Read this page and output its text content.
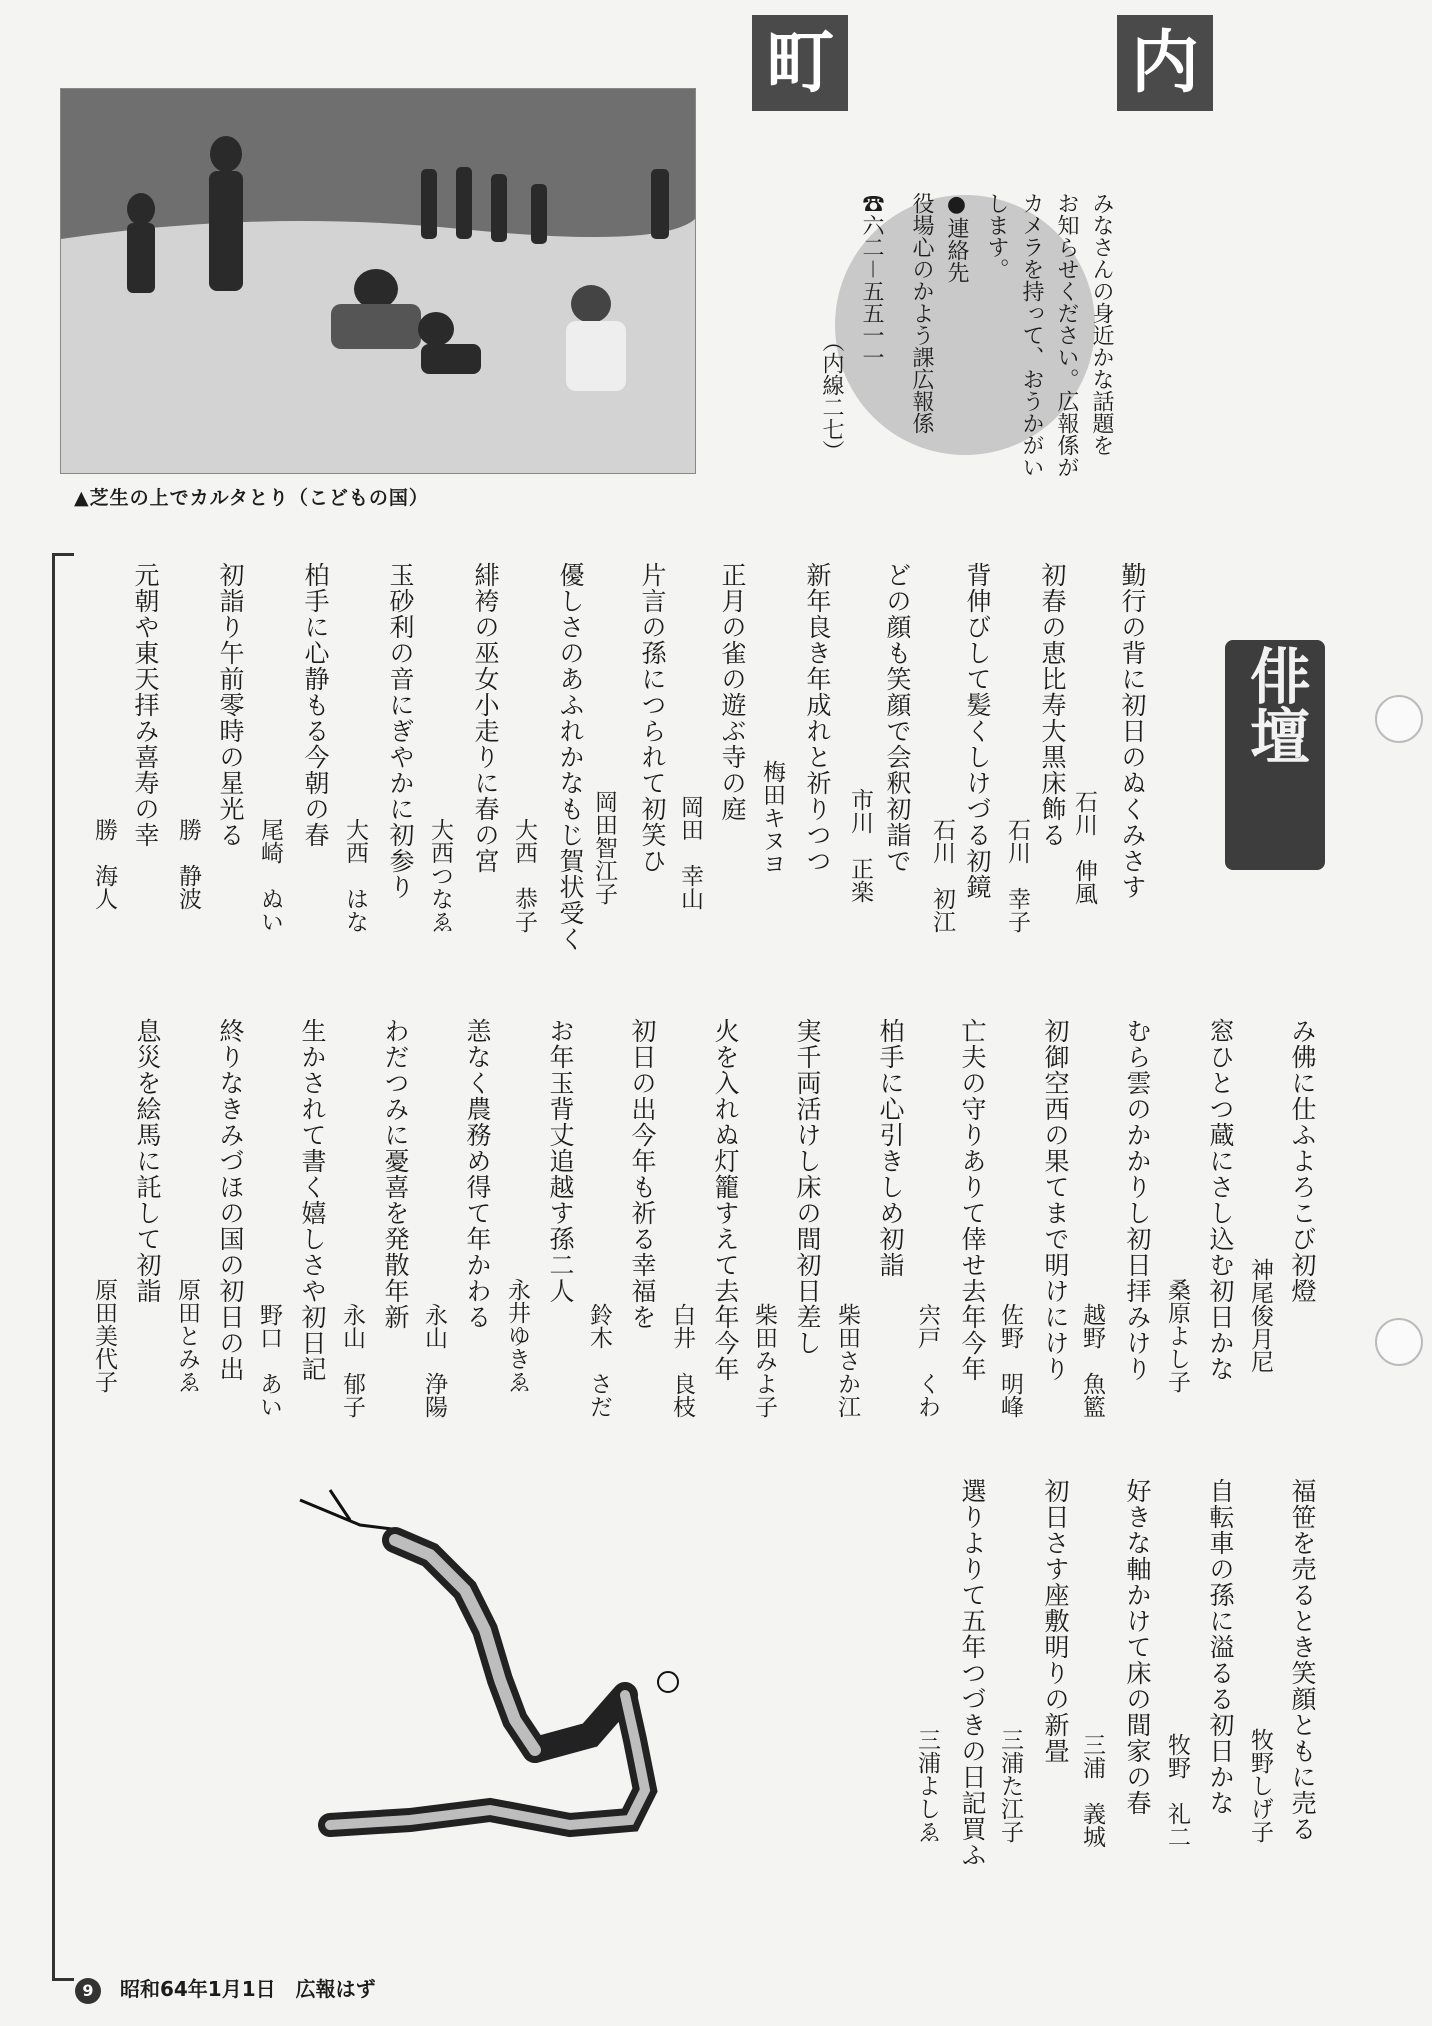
▲芝生の上でカルタとり（こどもの国）
町	内
みなさんの身近かな話題を
お知らせください。広報係が
カメラを持って、おうかがい
します。
●連絡先
役場心のかよう課広報係
☎六二－五五一一
（内線二七）
俳壇
勤行の背に初日のぬくみさす
石川　伸風
初春の恵比寿大黒床飾る
石川　幸子
背伸びして髪くしけづる初鏡
石川　初江
どの顔も笑顔で会釈初詣で
市川　正楽
新年良き年成れと祈りつつ
梅田キヌヨ
正月の雀の遊ぶ寺の庭
岡田　幸山
片言の孫につられて初笑ひ
岡田智江子
優しさのあふれかなもじ賀状受く
大西　恭子
緋袴の巫女小走りに春の宮
大西つなゑ
玉砂利の音にぎやかに初参り
大西　はな
柏手に心静もる今朝の春
尾崎　ぬい
初詣り午前零時の星光る
勝　静波
元朝や東天拝み喜寿の幸
勝　海人
み佛に仕ふよろこび初燈
神尾俊月尼
窓ひとつ蔵にさし込む初日かな
桑原よし子
むら雲のかかりし初日拝みけり
越野　魚籃
初御空西の果てまで明けにけり
佐野　明峰
亡夫の守りありて倖せ去年今年
宍戸　くわ
柏手に心引きしめ初詣
柴田さか江
実千両活けし床の間初日差し
柴田みよ子
火を入れぬ灯籠すえて去年今年
白井　良枝
初日の出今年も祈る幸福を
鈴木　さだ
お年玉背丈追越す孫二人
永井ゆきゑ
恙なく農務め得て年かわる
永山　浄陽
わだつみに憂喜を発散年新
永山　郁子
生かされて書く嬉しさや初日記
野口　あい
終りなきみづほの国の初日の出
原田とみゑ
息災を絵馬に託して初詣
原田美代子
福笹を売るとき笑顔ともに売る
牧野しげ子
自転車の孫に溢るる初日かな
牧野　礼二
好きな軸かけて床の間家の春
三浦　義城
初日さす座敷明りの新畳
三浦た江子
選りよりて五年つづきの日記買ふ
三浦よしゑ
9 昭和64年1月1日　広報はず
